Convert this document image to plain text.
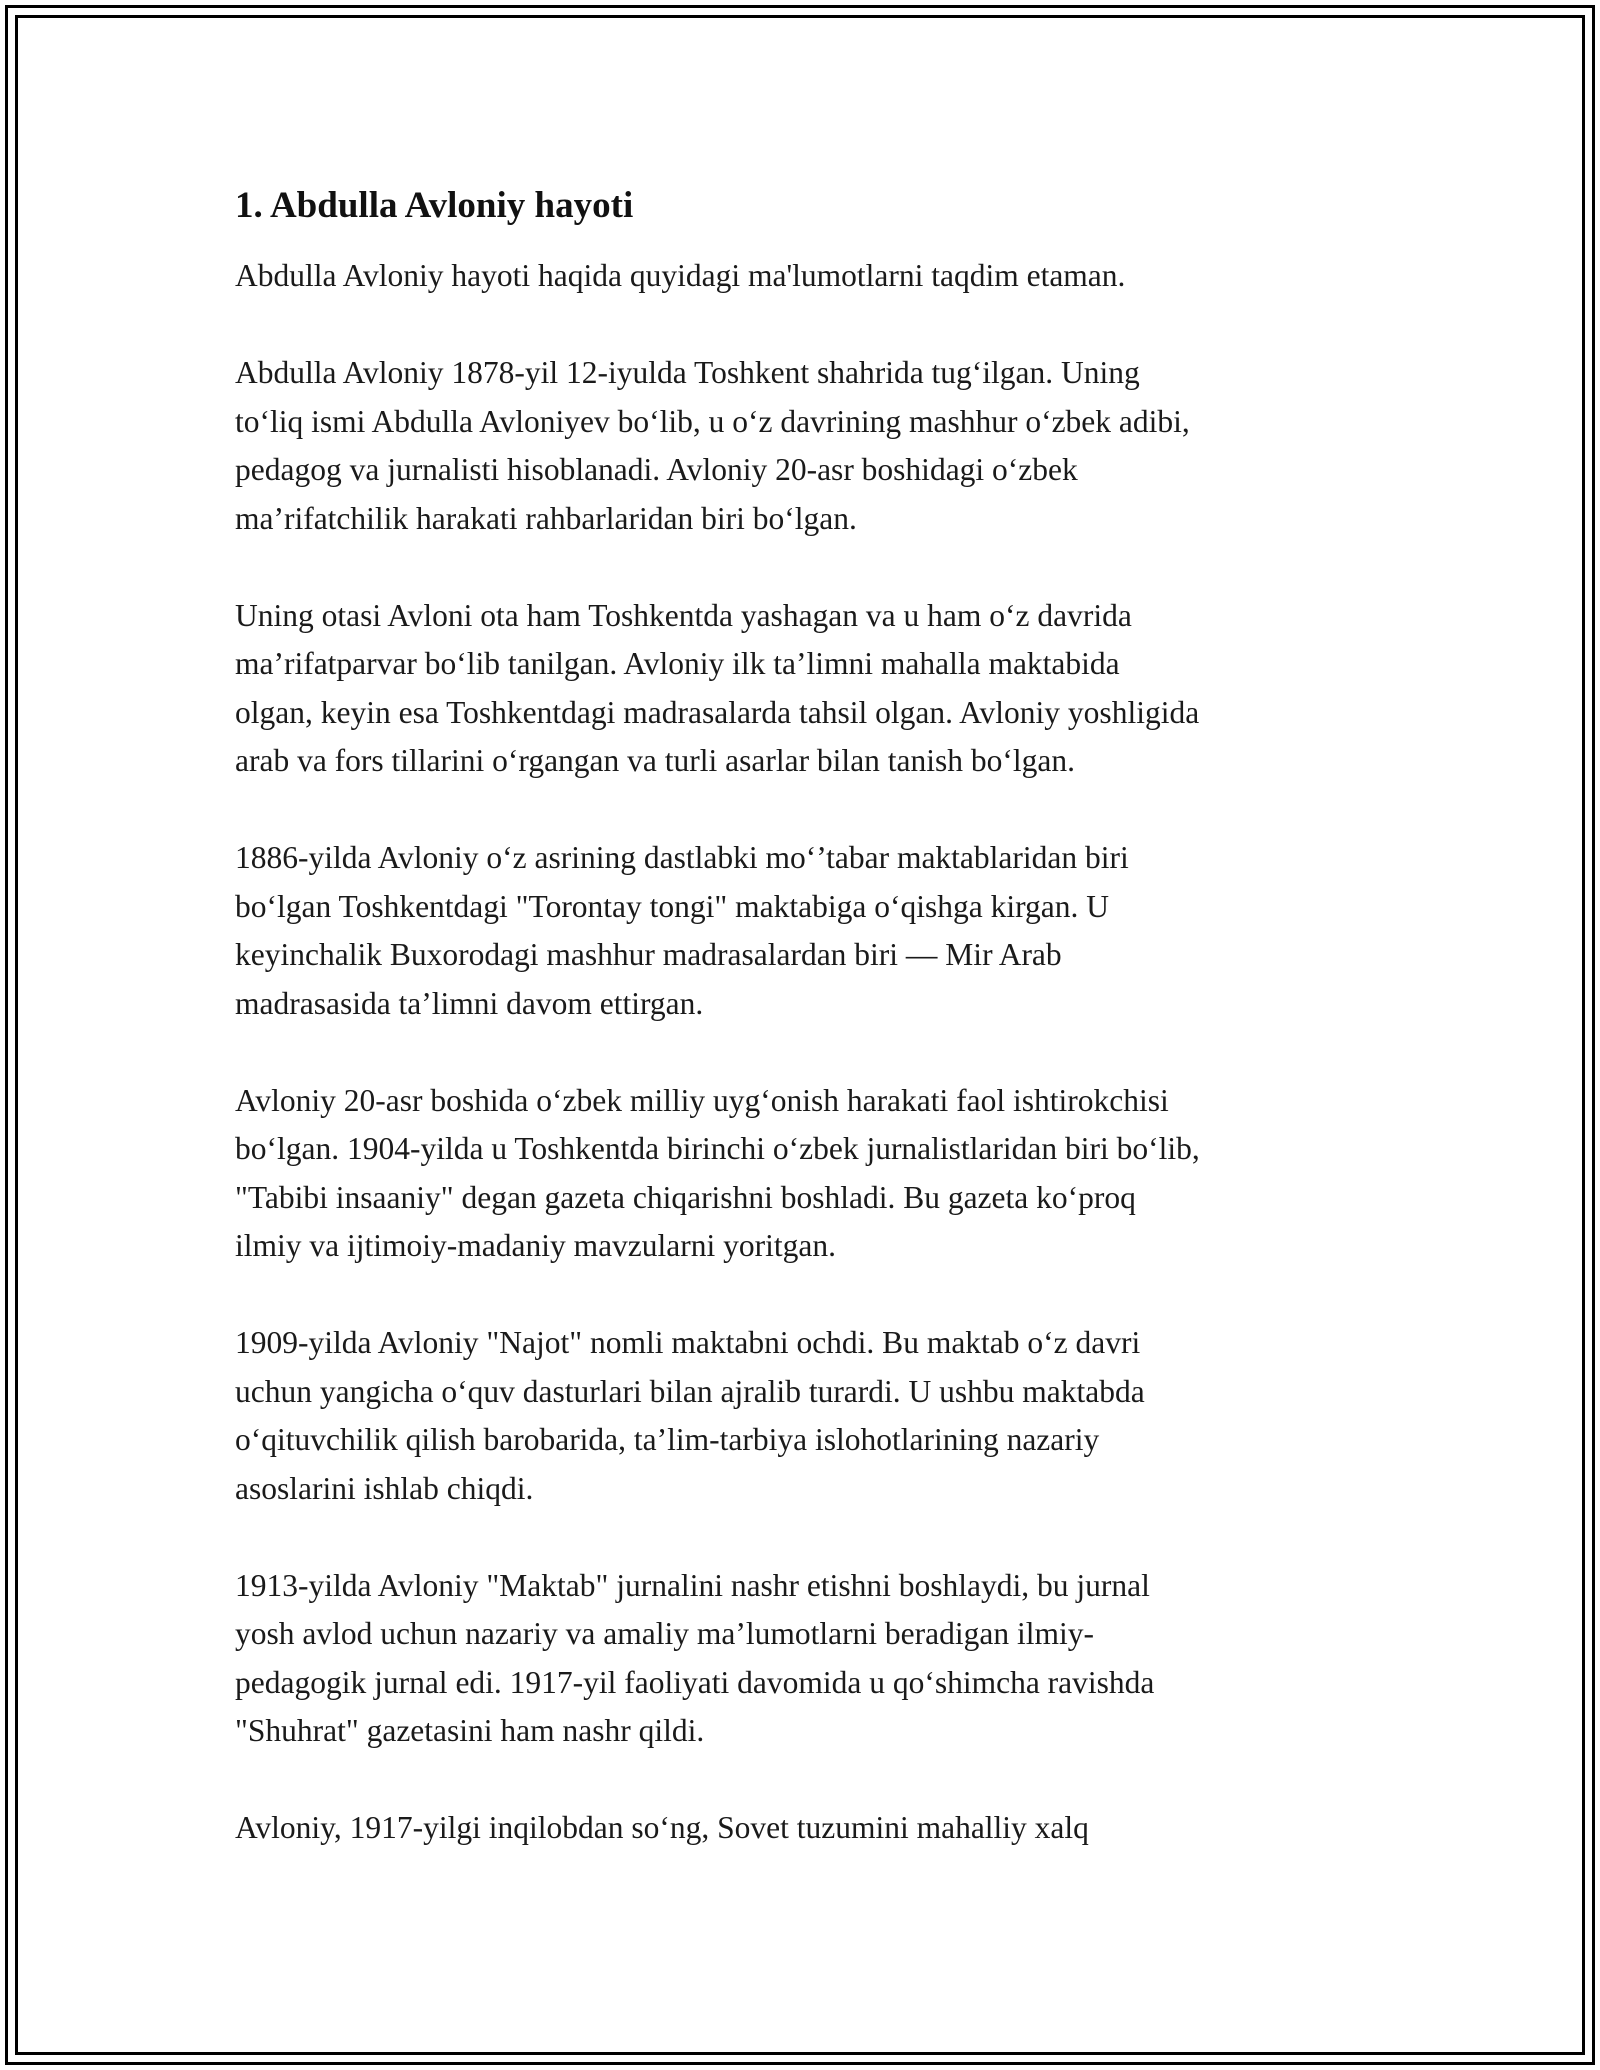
1. Abdulla Avloniy hayoti

Abdulla Avloniy hayoti haqida quyidagi ma'lumotlarni taqdim etaman.

Abdulla Avloniy 1878-yil 12-iyulda Toshkent shahrida tug‘ilgan. Uning
to‘liq ismi Abdulla Avloniyev bo‘lib, u o‘z davrining mashhur o‘zbek adibi,
pedagog va jurnalisti hisoblanadi. Avloniy 20-asr boshidagi o‘zbek
ma’rifatchilik harakati rahbarlaridan biri bo‘lgan.

Uning otasi Avloni ota ham Toshkentda yashagan va u ham o‘z davrida
ma’rifatparvar bo‘lib tanilgan. Avloniy ilk ta’limni mahalla maktabida
olgan, keyin esa Toshkentdagi madrasalarda tahsil olgan. Avloniy yoshligida
arab va fors tillarini o‘rgangan va turli asarlar bilan tanish bo‘lgan.

1886-yilda Avloniy o‘z asrining dastlabki mo‘’tabar maktablaridan biri
bo‘lgan Toshkentdagi "Torontay tongi" maktabiga o‘qishga kirgan. U
keyinchalik Buxorodagi mashhur madrasalardan biri — Mir Arab
madrasasida ta’limni davom ettirgan.

Avloniy 20-asr boshida o‘zbek milliy uyg‘onish harakati faol ishtirokchisi
bo‘lgan. 1904-yilda u Toshkentda birinchi o‘zbek jurnalistlaridan biri bo‘lib,
"Tabibi insaaniy" degan gazeta chiqarishni boshladi. Bu gazeta ko‘proq
ilmiy va ijtimoiy-madaniy mavzularni yoritgan.

1909-yilda Avloniy "Najot" nomli maktabni ochdi. Bu maktab o‘z davri
uchun yangicha o‘quv dasturlari bilan ajralib turardi. U ushbu maktabda
o‘qituvchilik qilish barobarida, ta’lim-tarbiya islohotlarining nazariy
asoslarini ishlab chiqdi.

1913-yilda Avloniy "Maktab" jurnalini nashr etishni boshlaydi, bu jurnal
yosh avlod uchun nazariy va amaliy ma’lumotlarni beradigan ilmiy-
pedagogik jurnal edi. 1917-yil faoliyati davomida u qo‘shimcha ravishda
"Shuhrat" gazetasini ham nashr qildi.

Avloniy, 1917-yilgi inqilobdan so‘ng, Sovet tuzumini mahalliy xalq
